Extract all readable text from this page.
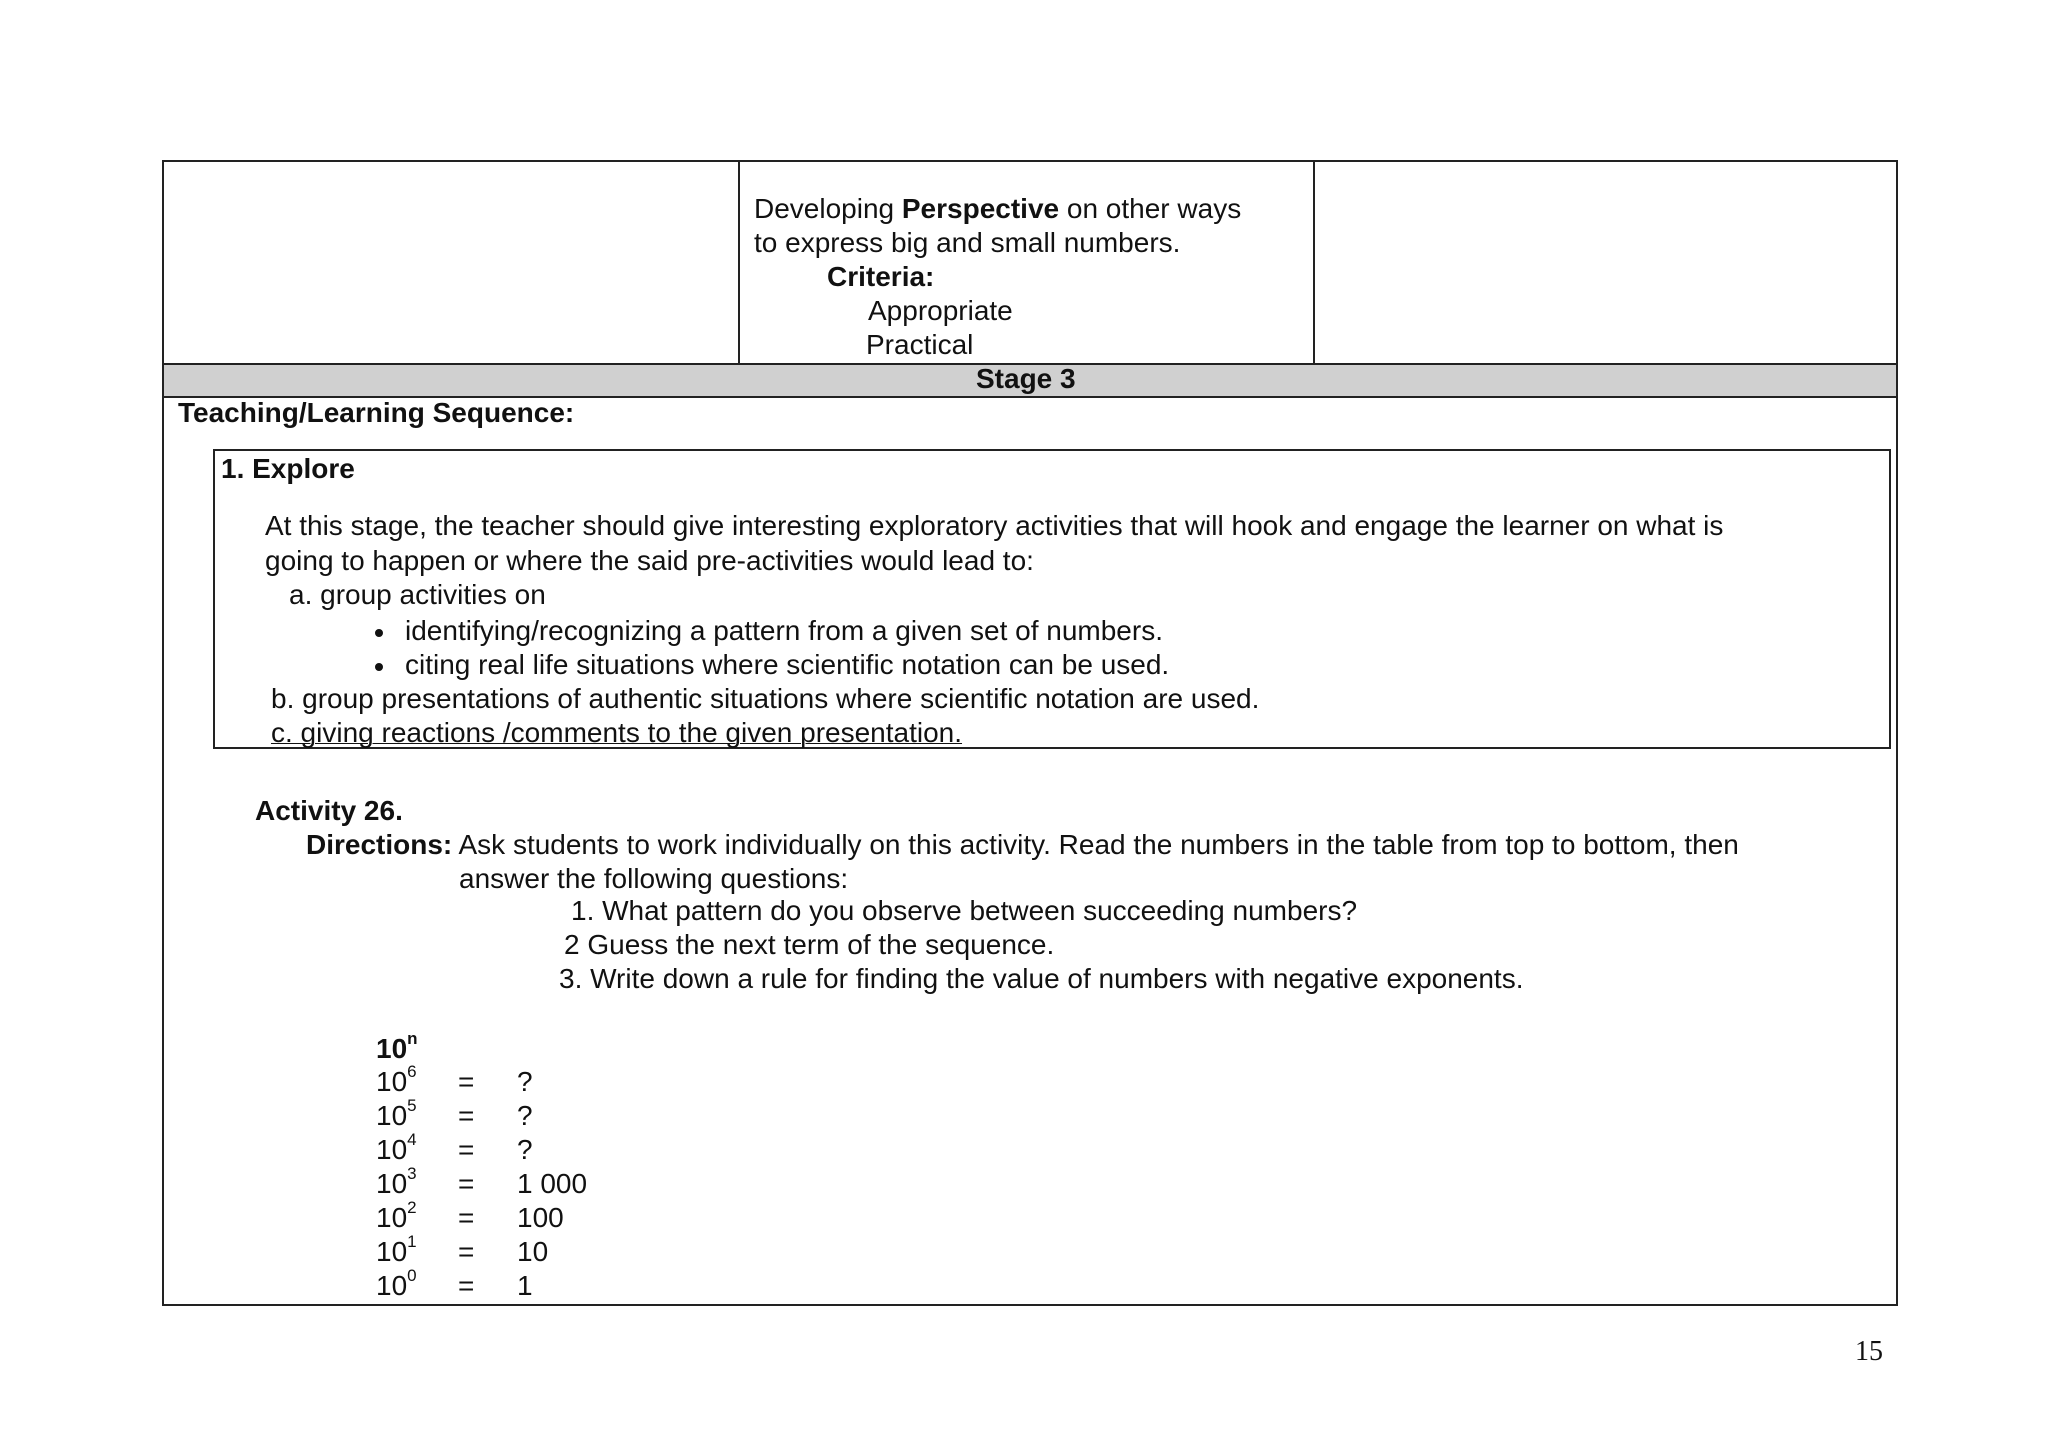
Developing Perspective on other ways
to express big and small numbers.
Criteria:
Appropriate
Practical
Stage 3
Teaching/Learning Sequence:
1. Explore
At this stage, the teacher should give interesting exploratory activities that will hook and engage the learner on what is
going to happen or where the said pre-activities would lead to:
a. group activities on
identifying/recognizing a pattern from a given set of numbers.
citing real life situations where scientific notation can be used.
b. group presentations of authentic situations where scientific notation are used.
c. giving reactions /comments to the given presentation.
Activity 26.
Directions: Ask students to work individually on this activity. Read the numbers in the table from top to bottom, then
answer the following questions:
1. What pattern do you observe between succeeding numbers?
2 Guess the next term of the sequence.
3. Write down a rule for finding the value of numbers with negative exponents.
10$^n$
$10^6$ = ?
$10^5$ = ?
$10^4$ = ?
$10^3 = 1$ 000
$10^2 = 100$
$10^1 = 10$
$10^0 = 1$
15
